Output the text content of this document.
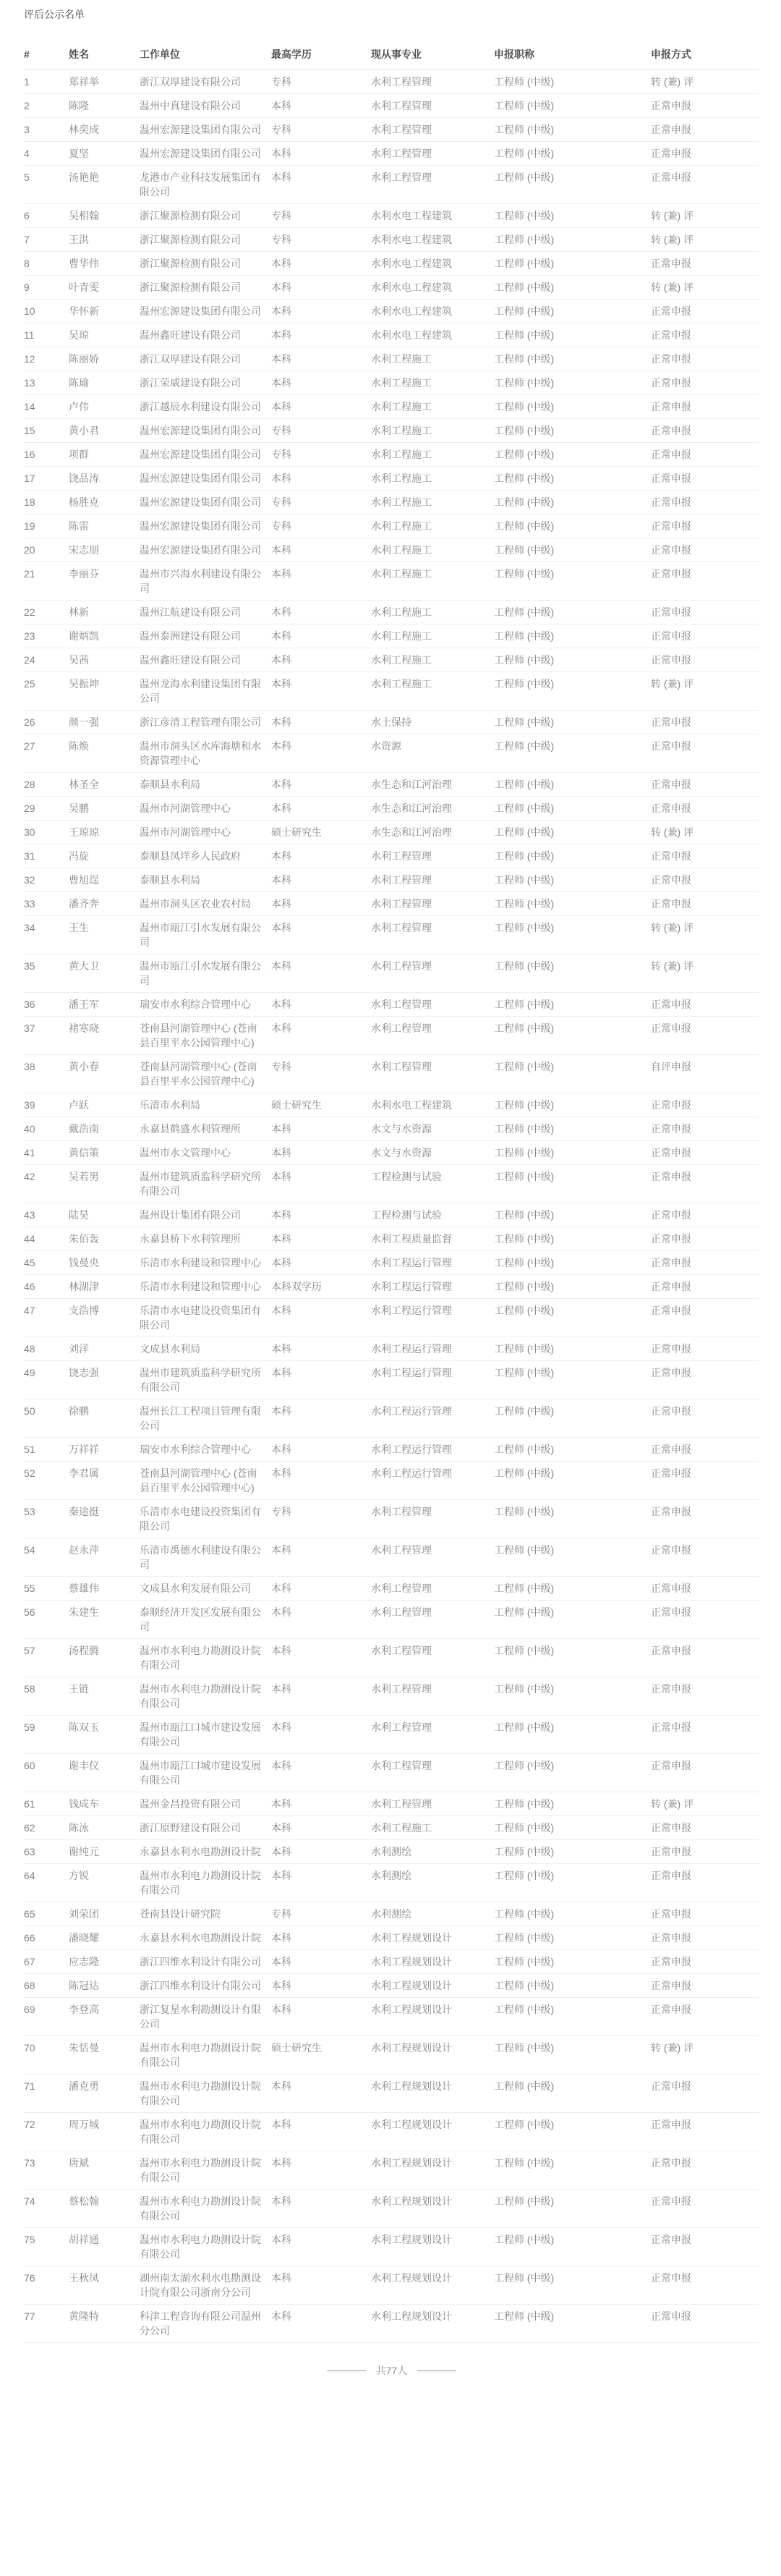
评后公示名单
#	姓名	工作单位	最高学历	现从事专业	申报职称	申报方式
1	郑祥举	浙江双厚建设有限公司	专科	水利工程管理	工程师 (中级)	转 (兼) 评
2	陈隆	温州中真建设有限公司	本科	水利工程管理	工程师 (中级)	正常申报
3	林奕成	温州宏源建设集团有限公司	专科	水利工程管理	工程师 (中级)	正常申报
4	夏坚	温州宏源建设集团有限公司	本科	水利工程管理	工程师 (中级)	正常申报
5	汤艳艳	龙港市产业科技发展集团有限公司	本科	水利工程管理	工程师 (中级)	正常申报
6	吴相翰	浙江聚源检测有限公司	专科	水利水电工程建筑	工程师 (中级)	转 (兼) 评
7	王洪	浙江聚源检测有限公司	专科	水利水电工程建筑	工程师 (中级)	转 (兼) 评
8	曹华伟	浙江聚源检测有限公司	本科	水利水电工程建筑	工程师 (中级)	正常申报
9	叶青雯	浙江聚源检测有限公司	本科	水利水电工程建筑	工程师 (中级)	转 (兼) 评
10	华怀新	温州宏源建设集团有限公司	本科	水利水电工程建筑	工程师 (中级)	正常申报
11	吴琼	温州鑫旺建设有限公司	本科	水利水电工程建筑	工程师 (中级)	正常申报
12	陈丽娇	浙江双厚建设有限公司	本科	水利工程施工	工程师 (中级)	正常申报
13	陈瑜	浙江荣威建设有限公司	本科	水利工程施工	工程师 (中级)	正常申报
14	卢伟	浙江越辰水利建设有限公司	本科	水利工程施工	工程师 (中级)	正常申报
15	黄小君	温州宏源建设集团有限公司	专科	水利工程施工	工程师 (中级)	正常申报
16	项群	温州宏源建设集团有限公司	专科	水利工程施工	工程师 (中级)	正常申报
17	饶品涛	温州宏源建设集团有限公司	本科	水利工程施工	工程师 (中级)	正常申报
18	杨胜克	温州宏源建设集团有限公司	专科	水利工程施工	工程师 (中级)	正常申报
19	陈雷	温州宏源建设集团有限公司	专科	水利工程施工	工程师 (中级)	正常申报
20	宋志朋	温州宏源建设集团有限公司	本科	水利工程施工	工程师 (中级)	正常申报
21	李丽芬	温州市兴海水利建设有限公司	本科	水利工程施工	工程师 (中级)	正常申报
22	林新	温州江航建设有限公司	本科	水利工程施工	工程师 (中级)	正常申报
23	谢炳凯	温州泰洲建设有限公司	本科	水利工程施工	工程师 (中级)	正常申报
24	吴茜	温州鑫旺建设有限公司	本科	水利工程施工	工程师 (中级)	正常申报
25	吴振坤	温州龙海水利建设集团有限公司	本科	水利工程施工	工程师 (中级)	转 (兼) 评
26	颜一强	浙江彦清工程管理有限公司	本科	水土保持	工程师 (中级)	正常申报
27	陈焕	温州市洞头区水库海塘和水资源管理中心	本科	水资源	工程师 (中级)	正常申报
28	林圣全	泰顺县水利局	本科	水生态和江河治理	工程师 (中级)	正常申报
29	吴鹏	温州市河湖管理中心	本科	水生态和江河治理	工程师 (中级)	正常申报
30	王琼琼	温州市河湖管理中心	硕士研究生	水生态和江河治理	工程师 (中级)	转 (兼) 评
31	冯旋	泰顺县凤垟乡人民政府	本科	水利工程管理	工程师 (中级)	正常申报
32	曹旭逞	泰顺县水利局	本科	水利工程管理	工程师 (中级)	正常申报
33	潘齐奔	温州市洞头区农业农村局	本科	水利工程管理	工程师 (中级)	正常申报
34	王生	温州市瓯江引水发展有限公司	本科	水利工程管理	工程师 (中级)	转 (兼) 评
35	黄大卫	温州市瓯江引水发展有限公司	本科	水利工程管理	工程师 (中级)	转 (兼) 评
36	潘王军	瑞安市水利综合管理中心	本科	水利工程管理	工程师 (中级)	正常申报
37	褚寒晓	苍南县河湖管理中心 (苍南县百里平水公园管理中心)	本科	水利工程管理	工程师 (中级)	正常申报
38	黄小春	苍南县河湖管理中心 (苍南县百里平水公园管理中心)	专科	水利工程管理	工程师 (中级)	自评申报
39	卢跃	乐清市水利局	硕士研究生	水利水电工程建筑	工程师 (中级)	正常申报
40	戴浩南	永嘉县鹤盛水利管理所	本科	水文与水资源	工程师 (中级)	正常申报
41	黄信策	温州市水文管理中心	本科	水文与水资源	工程师 (中级)	正常申报
42	吴若男	温州市建筑质监科学研究所有限公司	本科	工程检测与试验	工程师 (中级)	正常申报
43	陆昊	温州设计集团有限公司	本科	工程检测与试验	工程师 (中级)	正常申报
44	朱佰轰	永嘉县桥下水利管理所	本科	水利工程质量监督	工程师 (中级)	正常申报
45	钱曼央	乐清市水利建设和管理中心	本科	水利工程运行管理	工程师 (中级)	正常申报
46	林湖津	乐清市水利建设和管理中心	本科双学历	水利工程运行管理	工程师 (中级)	正常申报
47	支浩博	乐清市水电建设投资集团有限公司	本科	水利工程运行管理	工程师 (中级)	正常申报
48	刘洋	文成县水利局	本科	水利工程运行管理	工程师 (中级)	正常申报
49	饶志强	温州市建筑质监科学研究所有限公司	本科	水利工程运行管理	工程师 (中级)	正常申报
50	徐鹏	温州长江工程项目管理有限公司	本科	水利工程运行管理	工程师 (中级)	正常申报
51	万祥祥	瑞安市水利综合管理中心	本科	水利工程运行管理	工程师 (中级)	正常申报
52	李君属	苍南县河湖管理中心 (苍南县百里平水公园管理中心)	本科	水利工程运行管理	工程师 (中级)	正常申报
53	秦途挺	乐清市水电建设投资集团有限公司	专科	水利工程管理	工程师 (中级)	正常申报
54	赵永萍	乐清市禹德水利建设有限公司	本科	水利工程管理	工程师 (中级)	正常申报
55	蔡雄伟	文成县水利发展有限公司	本科	水利工程管理	工程师 (中级)	正常申报
56	朱建生	泰顺经济开发区发展有限公司	本科	水利工程管理	工程师 (中级)	正常申报
57	汤程腾	温州市水利电力勘测设计院有限公司	本科	水利工程管理	工程师 (中级)	正常申报
58	王链	温州市水利电力勘测设计院有限公司	本科	水利工程管理	工程师 (中级)	正常申报
59	陈双玉	温州市瓯江口城市建设发展有限公司	本科	水利工程管理	工程师 (中级)	正常申报
60	谢丰仪	温州市瓯江口城市建设发展有限公司	本科	水利工程管理	工程师 (中级)	正常申报
61	钱成车	温州金昌投资有限公司	本科	水利工程管理	工程师 (中级)	转 (兼) 评
62	陈泳	浙江原野建设有限公司	本科	水利工程施工	工程师 (中级)	正常申报
63	谢纯元	永嘉县水利水电勘测设计院	本科	水利测绘	工程师 (中级)	正常申报
64	方锐	温州市水利电力勘测设计院有限公司	本科	水利测绘	工程师 (中级)	正常申报
65	刘荣团	苍南县设计研究院	专科	水利测绘	工程师 (中级)	正常申报
66	潘晓耀	永嘉县水利水电勘测设计院	本科	水利工程规划设计	工程师 (中级)	正常申报
67	应志隆	浙江四维水利设计有限公司	本科	水利工程规划设计	工程师 (中级)	正常申报
68	陈冠达	浙江四维水利设计有限公司	本科	水利工程规划设计	工程师 (中级)	正常申报
69	李登高	浙江复星水利勘测设计有限公司	本科	水利工程规划设计	工程师 (中级)	正常申报
70	朱恬曼	温州市水利电力勘测设计院有限公司	硕士研究生	水利工程规划设计	工程师 (中级)	转 (兼) 评
71	潘克勇	温州市水利电力勘测设计院有限公司	本科	水利工程规划设计	工程师 (中级)	正常申报
72	周万城	温州市水利电力勘测设计院有限公司	本科	水利工程规划设计	工程师 (中级)	正常申报
73	唐斌	温州市水利电力勘测设计院有限公司	本科	水利工程规划设计	工程师 (中级)	正常申报
74	蔡松翰	温州市水利电力勘测设计院有限公司	本科	水利工程规划设计	工程师 (中级)	正常申报
75	胡祥通	温州市水利电力勘测设计院有限公司	本科	水利工程规划设计	工程师 (中级)	正常申报
76	王秋凤	湖州南太湖水利水电勘测设计院有限公司浙南分公司	本科	水利工程规划设计	工程师 (中级)	正常申报
77	黄隆特	科津工程咨询有限公司温州分公司	本科	水利工程规划设计	工程师 (中级)	正常申报
共77人
